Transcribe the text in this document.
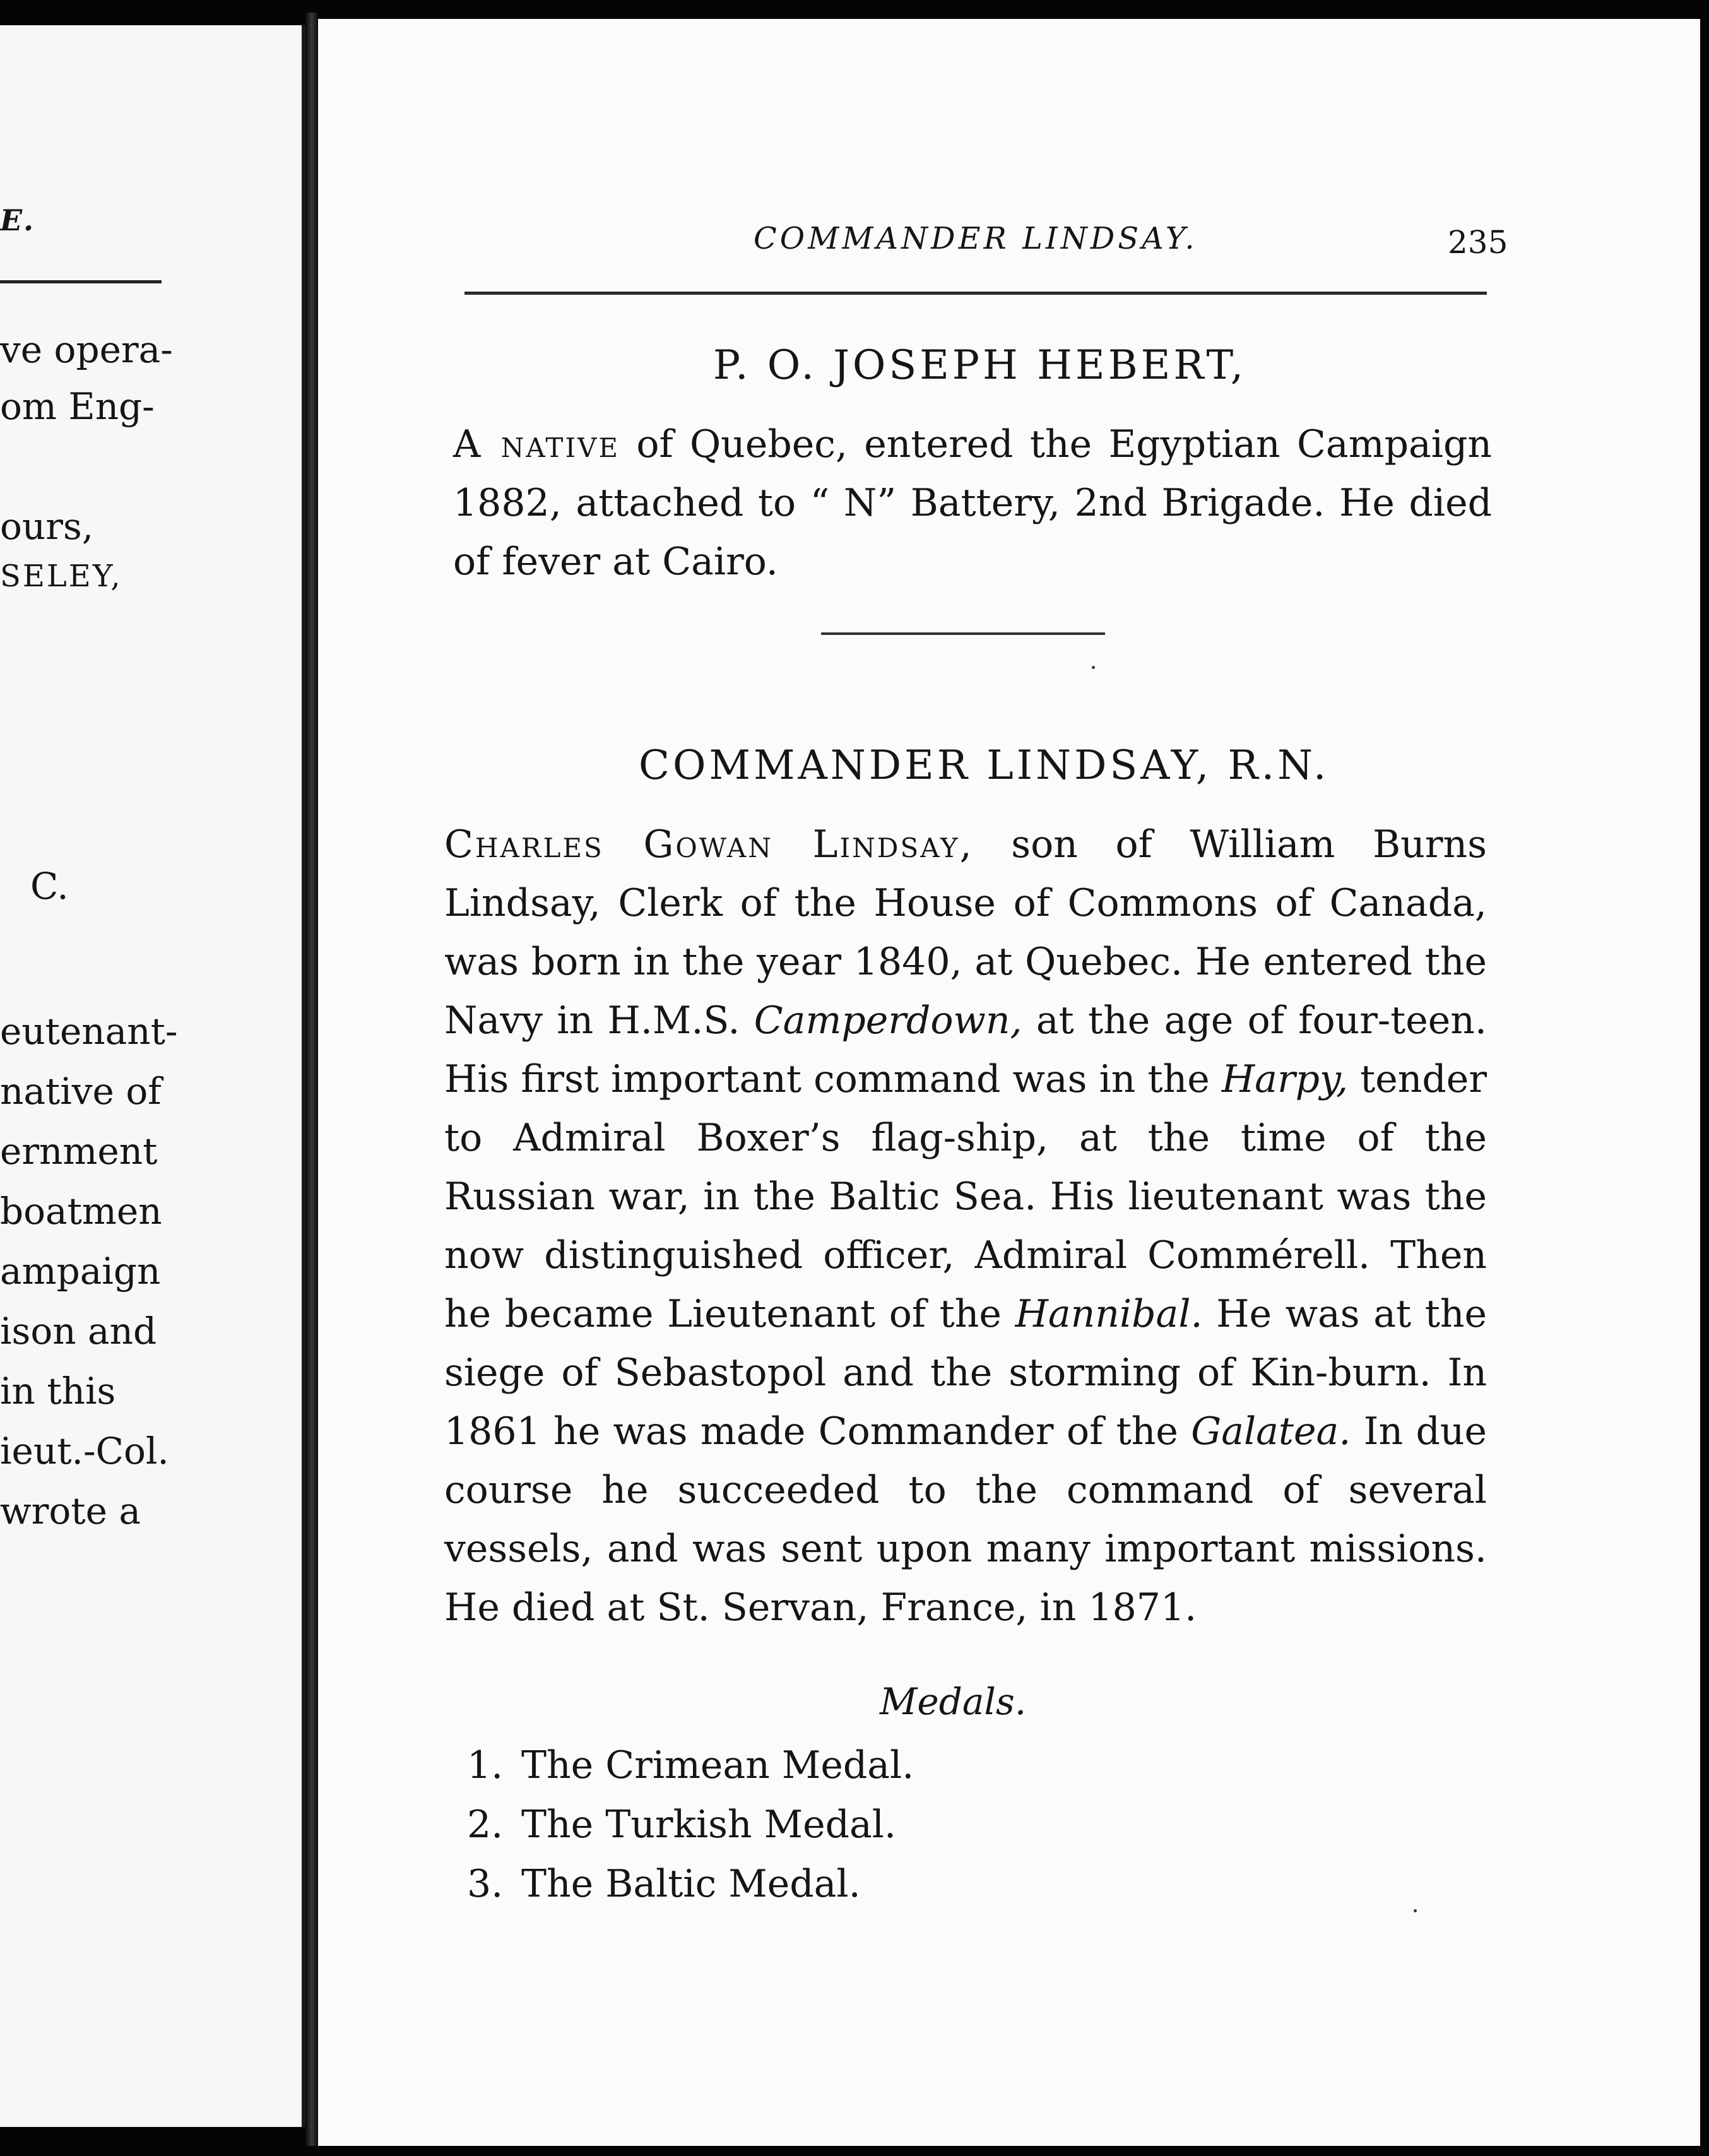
E.
ve opera-
om Eng-
ours,
SELEY,
C.
eutenant-
native of
ernment
boatmen
ampaign
ison and
in this
ieut.-Col.
wrote a
COMMANDER LINDSAY.	235
P. O. JOSEPH HEBERT,
A native of Quebec, entered the Egyptian Campaign 1882, attached to “ N” Battery, 2nd Brigade. He died of fever at Cairo.
COMMANDER LINDSAY, R.N.
Charles Gowan Lindsay, son of William Burns Lindsay, Clerk of the House of Commons of Canada, was born in the year 1840, at Quebec. He entered the Navy in H.M.S. Camperdown, at the age of four-teen. His first important command was in the Harpy, tender to Admiral Boxer’s flag-ship, at the time of the Russian war, in the Baltic Sea. His lieutenant was the now distinguished officer, Admiral Commérell. Then he became Lieutenant of the Hannibal. He was at the siege of Sebastopol and the storming of Kin-burn. In 1861 he was made Commander of the Galatea. In due course he succeeded to the command of several vessels, and was sent upon many important missions. He died at St. Servan, France, in 1871.
Medals.
1. The Crimean Medal.
2. The Turkish Medal.
3. The Baltic Medal.
